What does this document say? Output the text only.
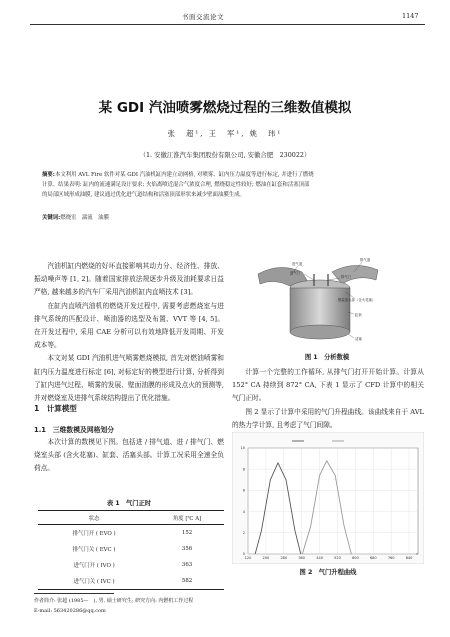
书面交流论文	1147
某 GDI 汽油喷雾燃烧过程的三维数值模拟
张　超¹, 王　军¹, 姚　玮¹
（1. 安徽江淮汽车集团股份有限公司, 安徽合肥　230022）
摘要:本文利用 AVL Fire 软件对某 GDI 汽油机缸内建立动网格, 对喷雾、缸内压力温度等进行标定, 并进行了燃烧
计算。结果表明: 缸内的流速满足设计要求; 火焰离喷近混合气浓度合理, 燃烧稳定性较好; 燃油在缸套和活塞顶部
的局部区域形成油膜, 建议通过优化进气道结构和活塞顶部形状来减少壁面油膜生成。
关键词:燃烧室　湍流　油膜

汽油机缸内燃烧的好坏直接影响其动力分、经济性、排放、振动噪声等 [1, 2]。随着国家排放法规逐步升级及油耗要求日益严格, 越来越多的汽车厂采用汽油机缸内直喷技术 [3]。

在缸内直喷汽油机的燃烧开发过程中, 需要考虑燃烧室与进排气系统的匹配设计、喷油器的选型及布置、VVT 等 [4, 5]。在开发过程中, 采用 CAE 分析可以有效地降低开发周期、开发成本等。

本文对某 GDI 汽油机进气喷雾燃烧模拟, 首先对燃油喷雾和缸内压力温度进行标定 [6], 对标定好的模型进行计算, 分析得到了缸内进气过程、喷雾的发展、壁面油膜的形成及点火的预测等, 并对燃烧室及进排气系统结构提出了优化措施。

1　计算模型
1.1　三维数模及网格划分

本次计算的数模见下图。包括进 / 排气道、进 / 排气门、燃烧室头部 (含火花塞)、缸套、活塞头部。计算工况采用全速全负荷点。

表 1　气门正时
状态	角度 [℃ A]
排气门开 ( EVO )	152
排气门关 ( EVC )	356
进气门开 ( IVO )	363
进气门关 ( IVC )	582
作者简介: 张超 (1985—　), 男, 硕士研究生; 研究方向: 内燃机工作过程
E-mail: 563420286@qq.com
进气道
排气道
进气门
排气门
燃烧室头部（含火花塞）
缸套
活塞
图 1　分析数模

计算一个完整的工作循环, 从排气门打开开始计算。计算从 152° CA 持续到 872° CA, 下表 1 显示了 CFD 计算中的相关气门正时。

图 2 显示了计算中采用的气门升程曲线。该曲线来自于 AVL 的热力学计算, 且考虑了气门间隙。

0
2
4
6
8
10
120	200	280	360	440	520	600	680	760	840
图 2　气门升程曲线
